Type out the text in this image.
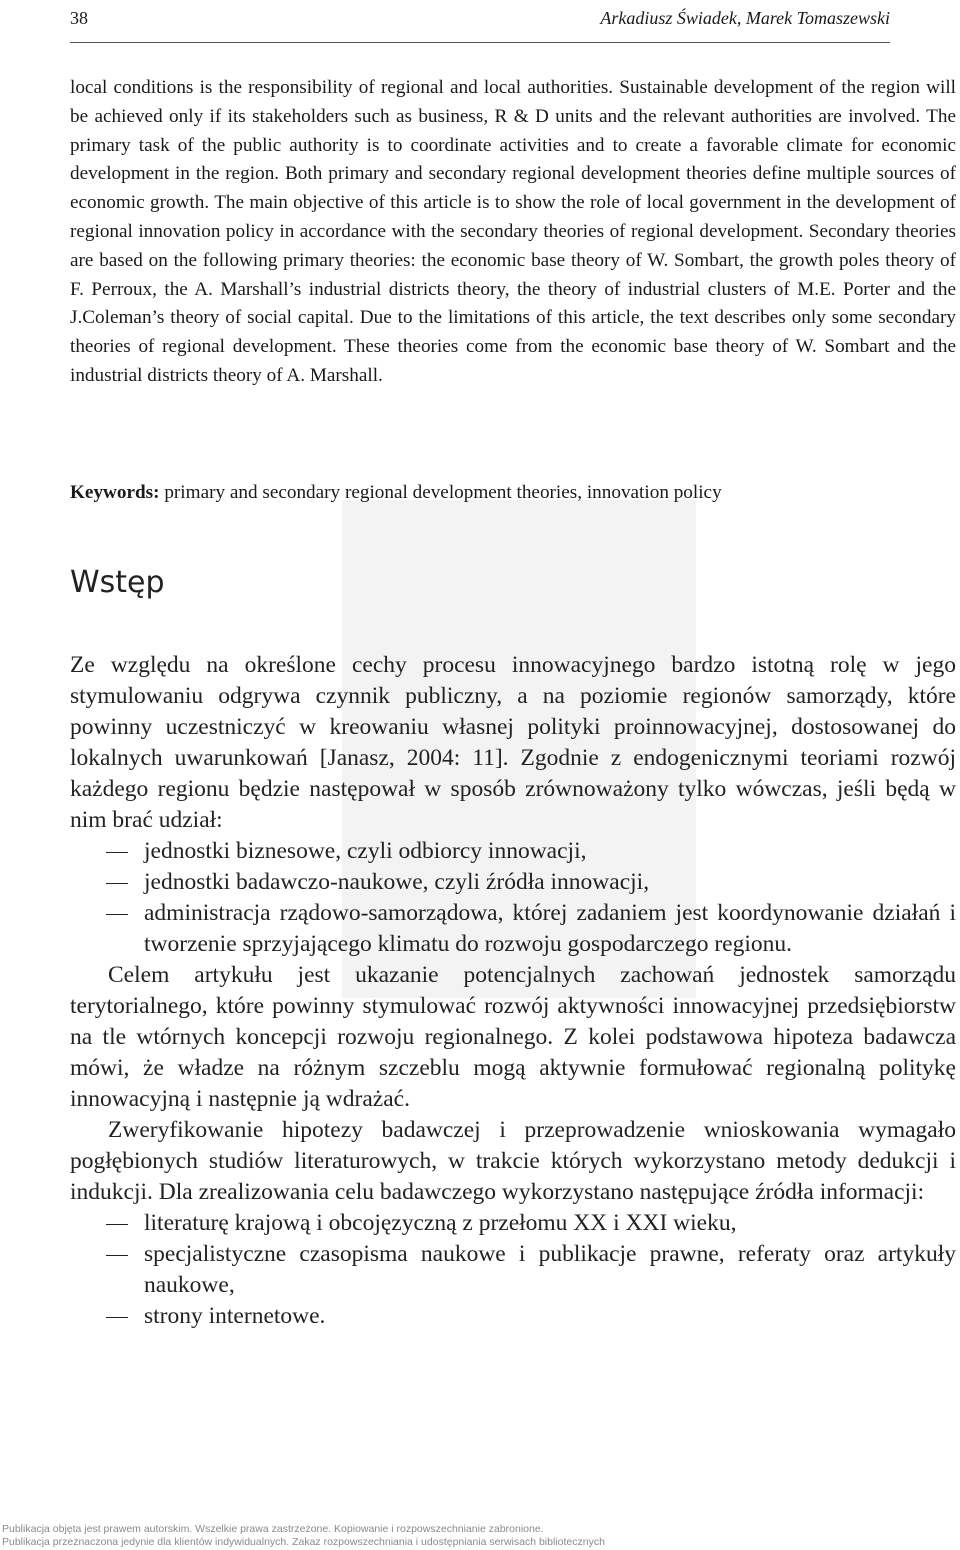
38	Arkadiusz Świadek, Marek Tomaszewski

local conditions is the responsibility of regional and local authorities. Sustainable development of the region will be achieved only if its stakeholders such as business, R & D units and the relevant authorities are involved. The primary task of the public authority is to coordinate activities and to create a favorable climate for economic development in the region. Both primary and secondary regional development theories define multiple sources of economic growth. The main objective of this article is to show the role of local government in the development of regional innovation policy in accordance with the secondary theories of regional development. Secondary theories are based on the following primary theories: the economic base theory of W. Sombart, the growth poles theory of F. Perroux, the A. Marshall’s industrial districts theory, the theory of industrial clusters of M.E. Porter and the J.Coleman’s theory of social capital. Due to the limitations of this article, the text describes only some secondary theories of regional development. These theories come from the economic base theory of W. Sombart and the industrial districts theory of A. Marshall.

Keywords: primary and secondary regional development theories, innovation policy

Wstęp

Ze względu na określone cechy procesu innowacyjnego bardzo istotną rolę w jego stymulowaniu odgrywa czynnik publiczny, a na poziomie regionów samorządy, które powinny uczestniczyć w kreowaniu własnej polityki proinnowacyjnej, dostosowanej do lokalnych uwarunkowań [Janasz, 2004: 11]. Zgodnie z endogenicznymi teoriami rozwój każdego regionu będzie następował w sposób zrównoważony tylko wówczas, jeśli będą w nim brać udział:

jednostki biznesowe, czyli odbiorcy innowacji,
jednostki badawczo-naukowe, czyli źródła innowacji,
administracja rządowo-samorządowa, której zadaniem jest koordynowanie działań i tworzenie sprzyjającego klimatu do rozwoju gospodarczego regionu.

Celem artykułu jest ukazanie potencjalnych zachowań jednostek samorządu terytorialnego, które powinny stymulować rozwój aktywności innowacyjnej przedsiębiorstw na tle wtórnych koncepcji rozwoju regionalnego. Z kolei podstawowa hipoteza badawcza mówi, że władze na różnym szczeblu mogą aktywnie formułować regionalną politykę innowacyjną i następnie ją wdrażać.

Zweryfikowanie hipotezy badawczej i przeprowadzenie wnioskowania wymagało pogłębionych studiów literaturowych, w trakcie których wykorzystano metody dedukcji i indukcji. Dla zrealizowania celu badawczego wykorzystano następujące źródła informacji:

literaturę krajową i obcojęzyczną z przełomu XX i XXI wieku,
specjalistyczne czasopisma naukowe i publikacje prawne, referaty oraz artykuły naukowe,
strony internetowe.
Publikacja objęta jest prawem autorskim. Wszelkie prawa zastrzeżone. Kopiowanie i rozpowszechnianie zabronione.
Publikacja przeznaczona jedynie dla klientów indywidualnych. Zakaz rozpowszechniania i udostępniania serwisach bibliotecznych
